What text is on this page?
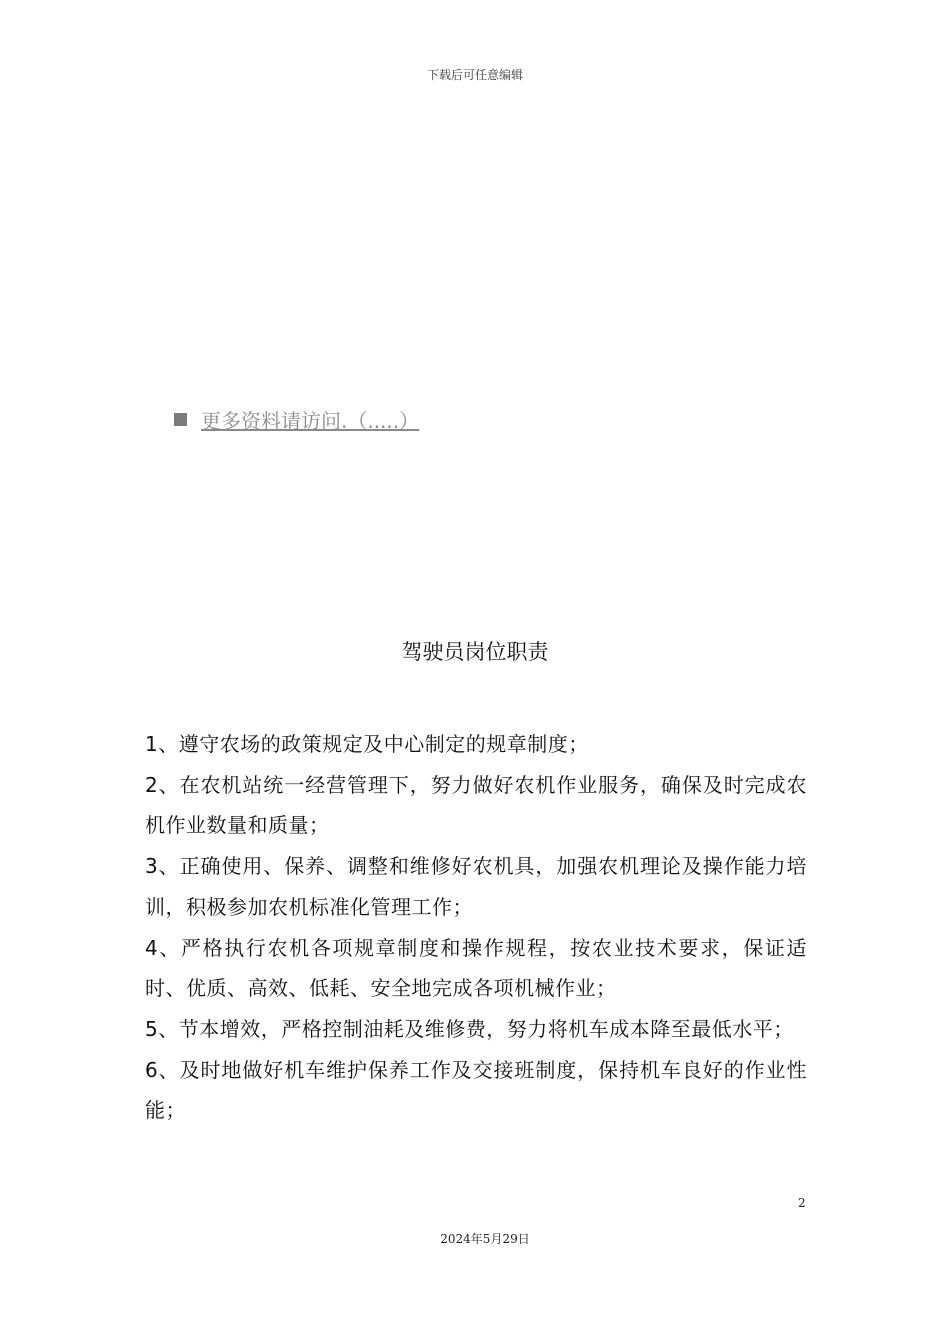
下载后可任意编辑
更多资料请访问.（.....）
驾驶员岗位职责

1、遵守农场的政策规定及中心制定的规章制度；

2、在农机站统一经营管理下，努力做好农机作业服务，确保及时完成农机作业数量和质量；

3、正确使用、保养、调整和维修好农机具，加强农机理论及操作能力培训，积极参加农机标准化管理工作；

4、严格执行农机各项规章制度和操作规程，按农业技术要求，保证适时、优质、高效、低耗、安全地完成各项机械作业；

5、节本增效，严格控制油耗及维修费，努力将机车成本降至最低水平；

6、及时地做好机车维护保养工作及交接班制度，保持机车良好的作业性能；

2
2024年5月29日
